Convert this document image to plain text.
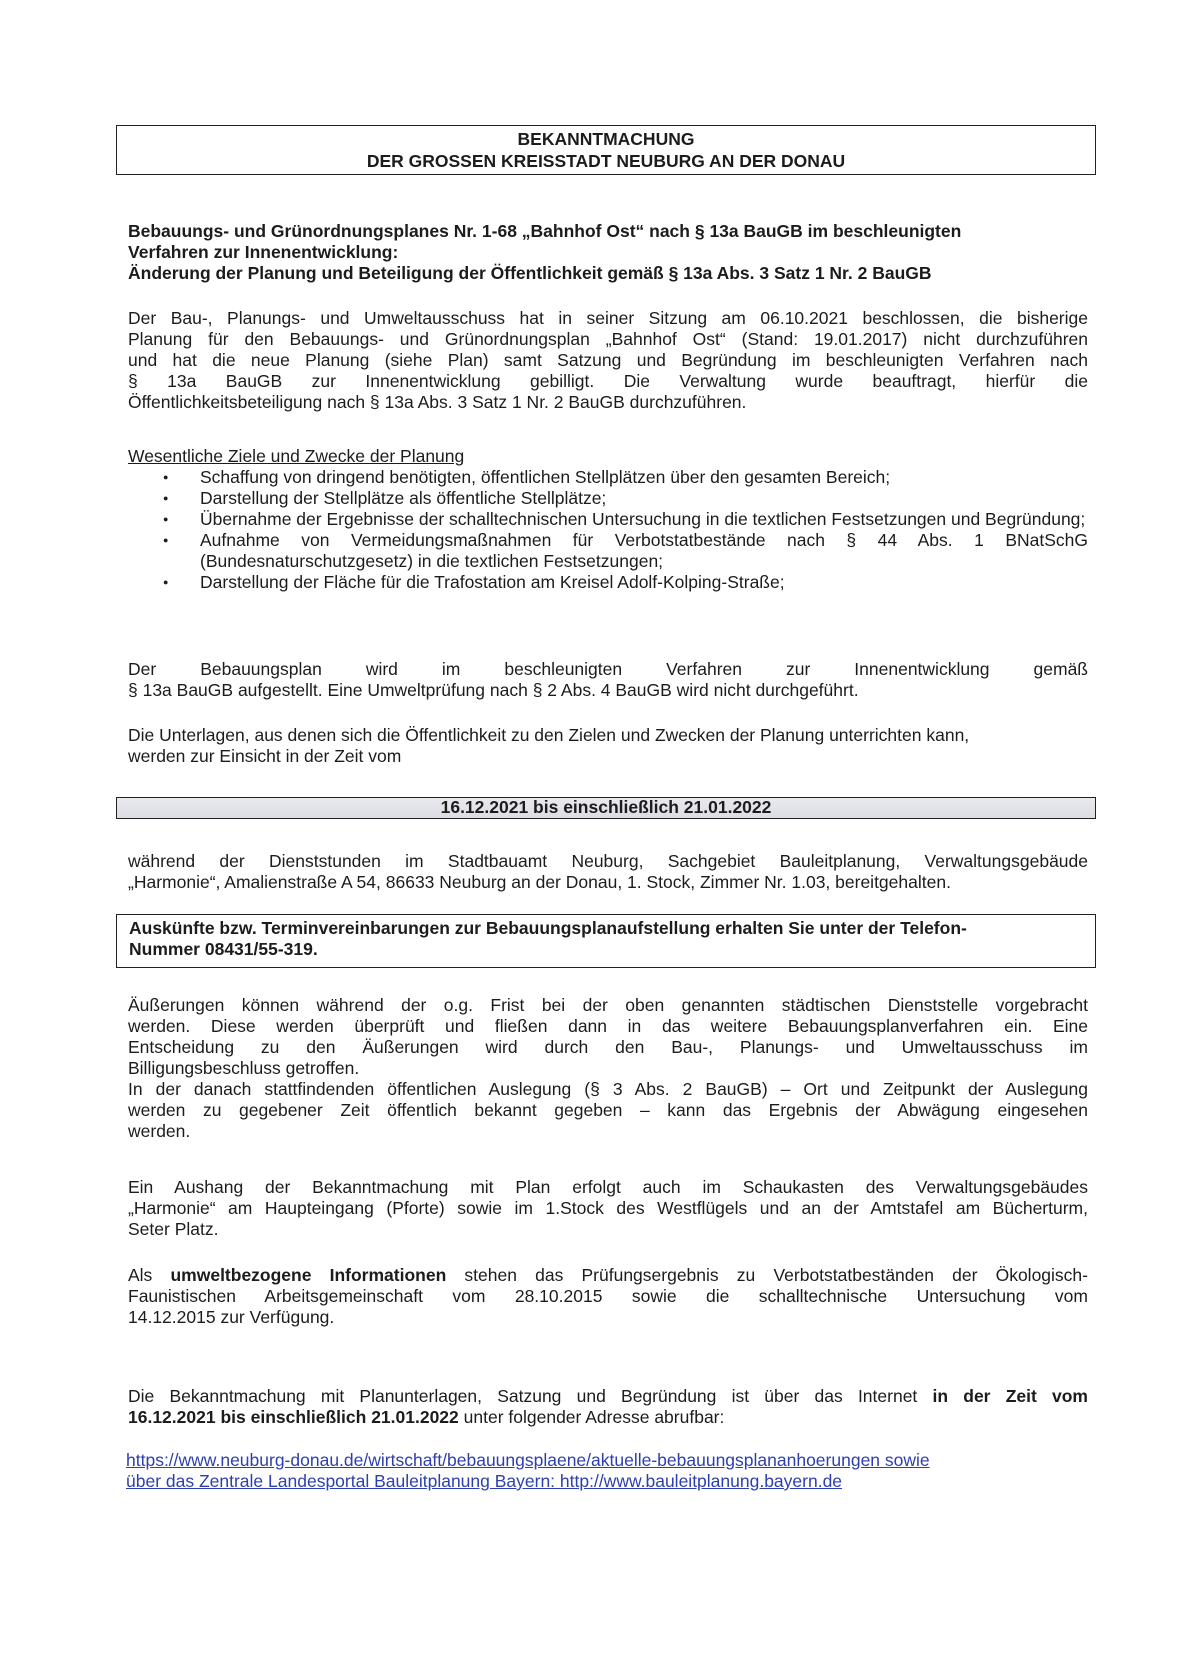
BEKANNTMACHUNG
DER GROSSEN KREISSTADT NEUBURG AN DER DONAU
Bebauungs- und Grünordnungsplanes Nr. 1-68 „Bahnhof Ost“ nach § 13a BauGB im beschleunigten
Verfahren zur Innenentwicklung:
Änderung der Planung und Beteiligung der Öffentlichkeit gemäß § 13a Abs. 3 Satz 1 Nr. 2 BauGB
Der Bau-, Planungs- und Umweltausschuss hat in seiner Sitzung am 06.10.2021 beschlossen, die bisherige
Planung für den Bebauungs- und Grünordnungsplan „Bahnhof Ost“ (Stand: 19.01.2017) nicht durchzuführen
und hat die neue Planung (siehe Plan) samt Satzung und Begründung im beschleunigten Verfahren nach
§ 13a BauGB zur Innenentwicklung gebilligt. Die Verwaltung wurde beauftragt, hierfür die
Öffentlichkeitsbeteiligung nach § 13a Abs. 3 Satz 1 Nr. 2 BauGB durchzuführen.
Wesentliche Ziele und Zwecke der Planung
● Schaffung von dringend benötigten, öffentlichen Stellplätzen über den gesamten Bereich;
● Darstellung der Stellplätze als öffentliche Stellplätze;
● Übernahme der Ergebnisse der schalltechnischen Untersuchung in die textlichen Festsetzungen und Begründung;
● Aufnahme von Vermeidungsmaßnahmen für Verbotstatbestände nach § 44 Abs. 1 BNatSchG (Bundesnaturschutzgesetz) in die textlichen Festsetzungen;
● Darstellung der Fläche für die Trafostation am Kreisel Adolf-Kolping-Straße;
Der Bebauungsplan wird im beschleunigten Verfahren zur Innenentwicklung gemäß
§ 13a BauGB aufgestellt. Eine Umweltprüfung nach § 2 Abs. 4 BauGB wird nicht durchgeführt.
Die Unterlagen, aus denen sich die Öffentlichkeit zu den Zielen und Zwecken der Planung unterrichten kann,
werden zur Einsicht in der Zeit vom
16.12.2021 bis einschließlich 21.01.2022
während der Dienststunden im Stadtbauamt Neuburg, Sachgebiet Bauleitplanung, Verwaltungsgebäude
„Harmonie“, Amalienstraße A 54, 86633 Neuburg an der Donau, 1. Stock, Zimmer Nr. 1.03, bereitgehalten.
Auskünfte bzw. Terminvereinbarungen zur Bebauungsplanaufstellung erhalten Sie unter der Telefon-
Nummer 08431/55-319.
Äußerungen können während der o.g. Frist bei der oben genannten städtischen Dienststelle vorgebracht
werden. Diese werden überprüft und fließen dann in das weitere Bebauungsplanverfahren ein. Eine
Entscheidung zu den Äußerungen wird durch den Bau-, Planungs- und Umweltausschuss im
Billigungsbeschluss getroffen.
In der danach stattfindenden öffentlichen Auslegung (§ 3 Abs. 2 BauGB) – Ort und Zeitpunkt der Auslegung
werden zu gegebener Zeit öffentlich bekannt gegeben – kann das Ergebnis der Abwägung eingesehen
werden.
Ein Aushang der Bekanntmachung mit Plan erfolgt auch im Schaukasten des Verwaltungsgebäudes
„Harmonie“ am Haupteingang (Pforte) sowie im 1.Stock des Westflügels und an der Amtstafel am Bücherturm,
Seter Platz.
Als umweltbezogene Informationen stehen das Prüfungsergebnis zu Verbotstatbeständen der Ökologisch-
Faunistischen Arbeitsgemeinschaft vom 28.10.2015 sowie die schalltechnische Untersuchung vom
14.12.2015 zur Verfügung.
Die Bekanntmachung mit Planunterlagen, Satzung und Begründung ist über das Internet in der Zeit vom
16.12.2021 bis einschließlich 21.01.2022 unter folgender Adresse abrufbar:
https://www.neuburg-donau.de/wirtschaft/bebauungsplaene/aktuelle-bebauungsplananhoerungen sowie
über das Zentrale Landesportal Bauleitplanung Bayern: http://www.bauleitplanung.bayern.de
